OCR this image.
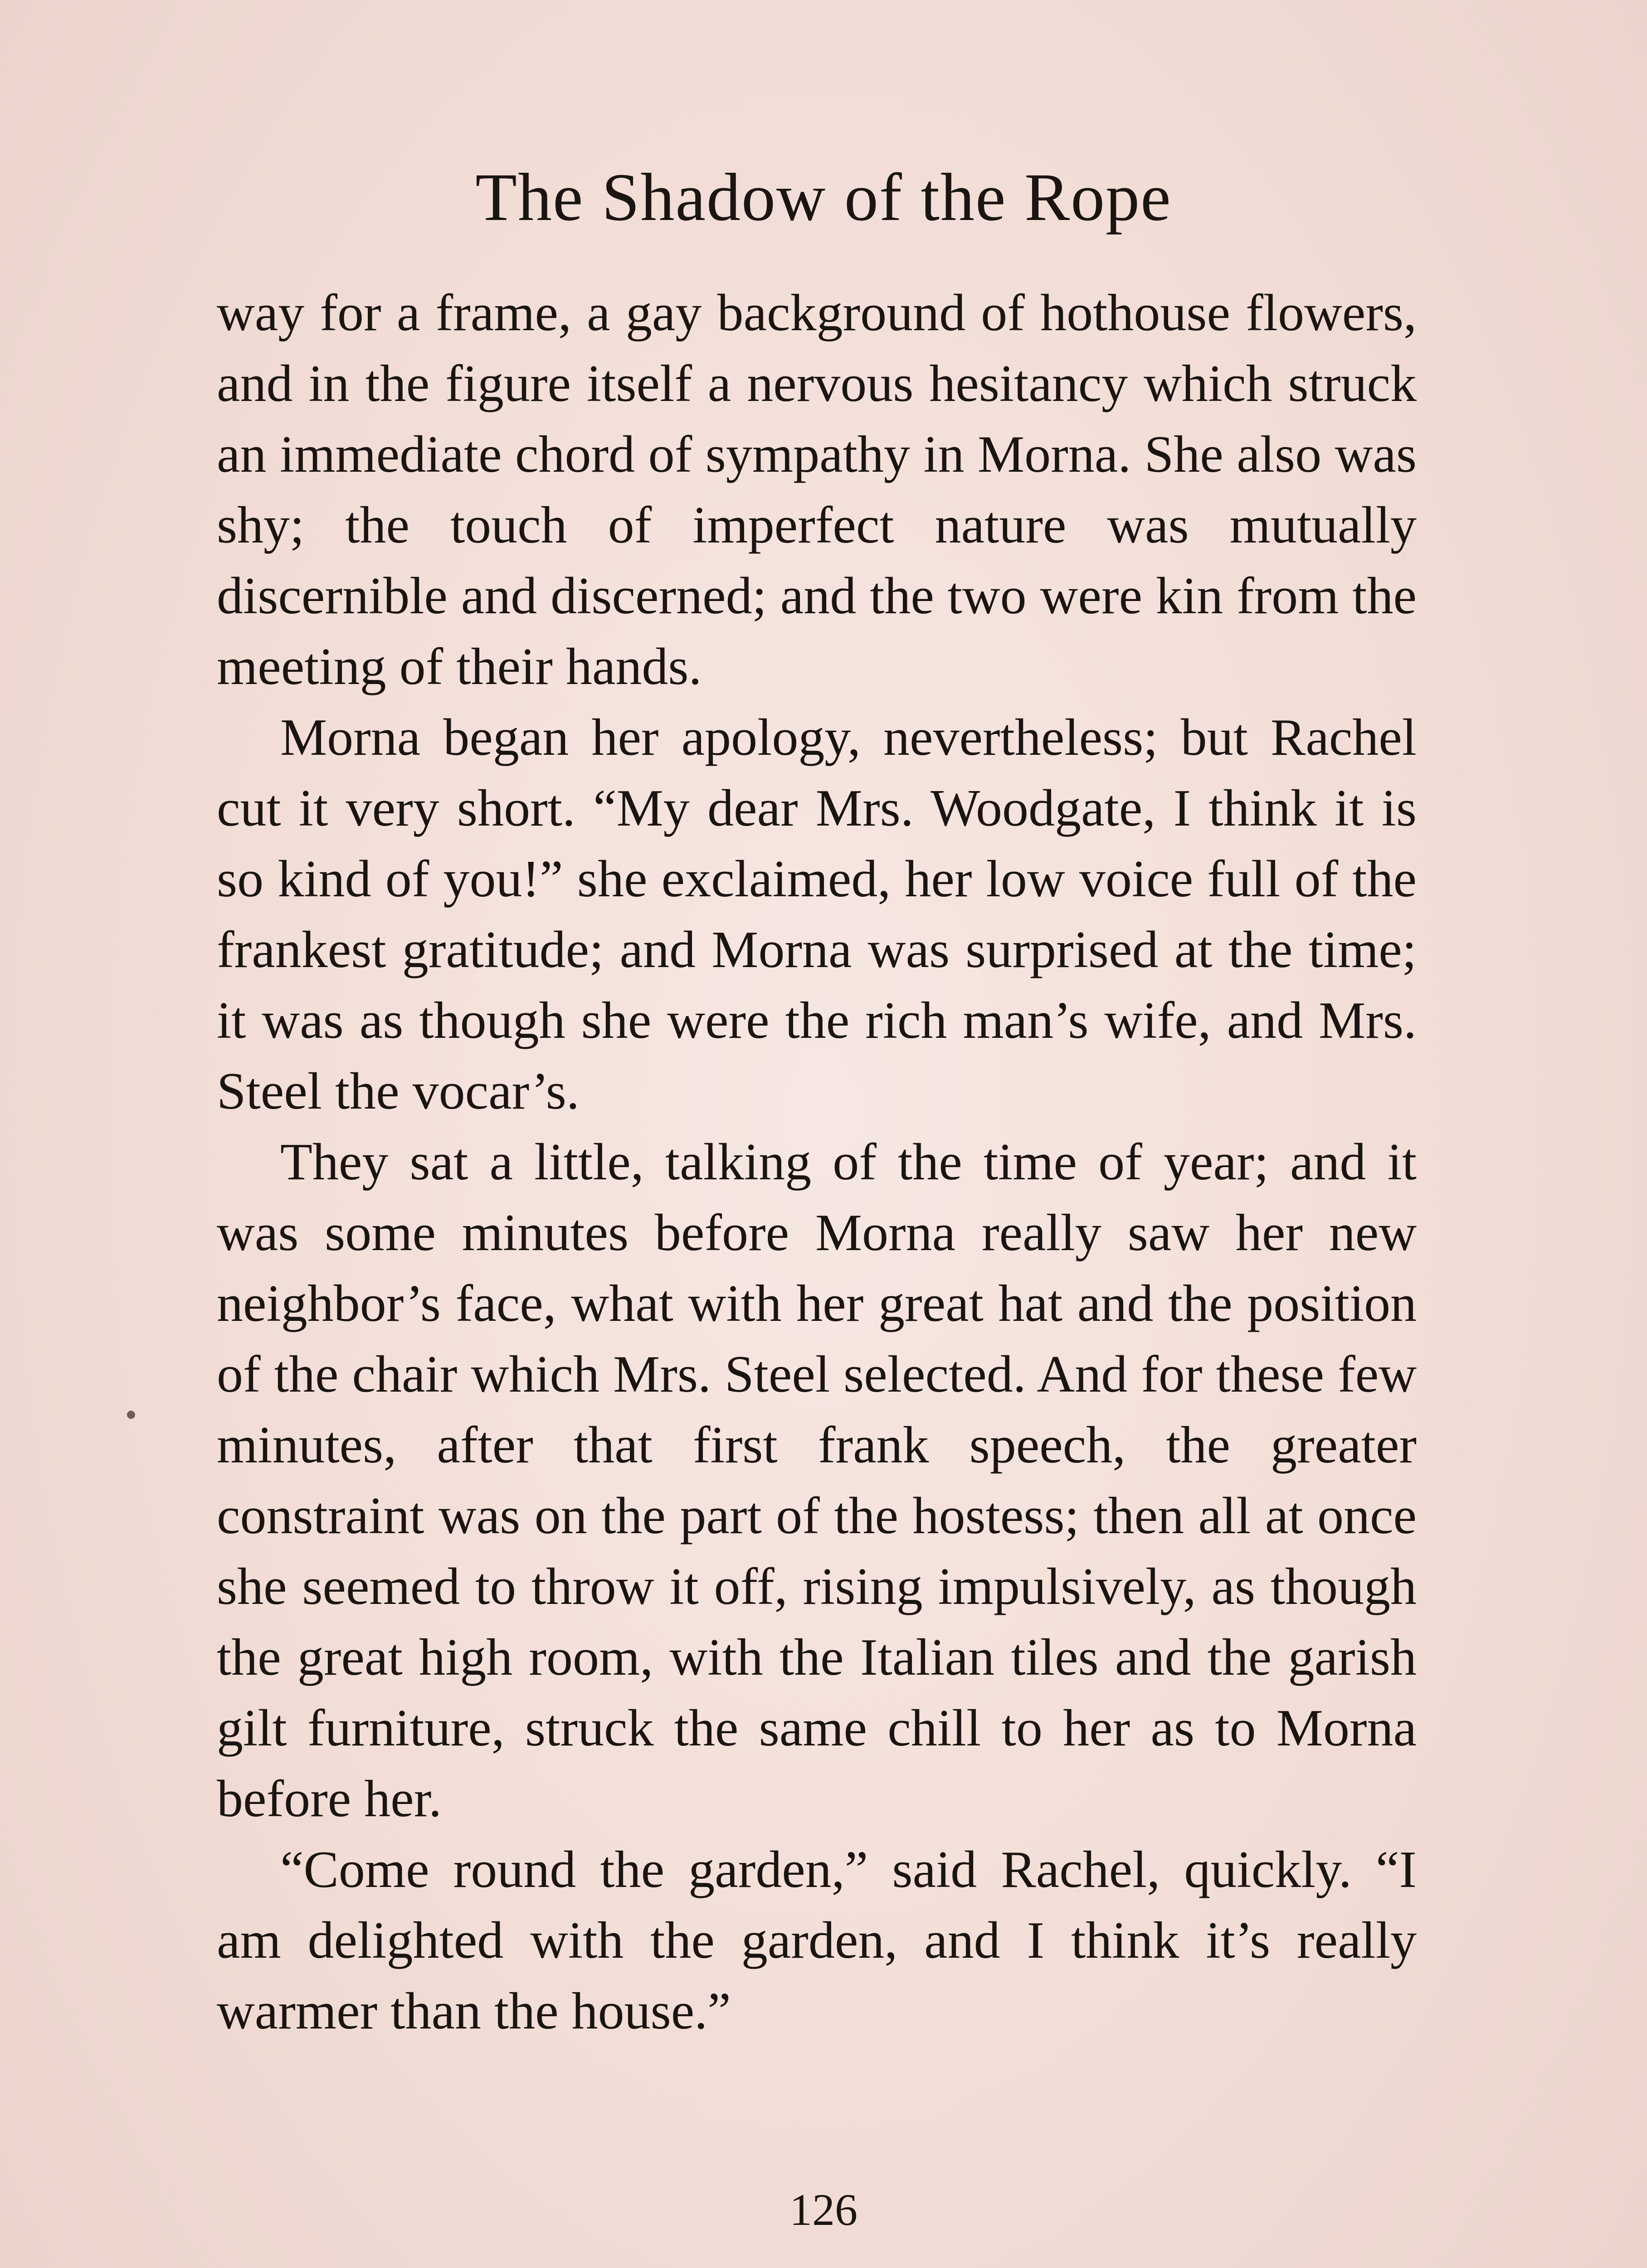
The Shadow of the Rope

way for a frame, a gay background of hothouse flowers, and in the figure itself a nervous hesitancy which struck an immediate chord of sympathy in Morna. She also was shy; the touch of imperfect nature was mutually discernible and discerned; and the two were kin from the meeting of their hands.

Morna began her apology, nevertheless; but Rachel cut it very short. “My dear Mrs. Woodgate, I think it is so kind of you!” she exclaimed, her low voice full of the frankest gratitude; and Morna was surprised at the time; it was as though she were the rich man’s wife, and Mrs. Steel the vocar’s.

They sat a little, talking of the time of year; and it was some minutes before Morna really saw her new neighbor’s face, what with her great hat and the position of the chair which Mrs. Steel selected. And for these few minutes, after that first frank speech, the greater constraint was on the part of the hostess; then all at once she seemed to throw it off, rising impulsively, as though the great high room, with the Italian tiles and the garish gilt furniture, struck the same chill to her as to Morna before her.

“Come round the garden,” said Rachel, quickly. “I am delighted with the garden, and I think it’s really warmer than the house.”

126
